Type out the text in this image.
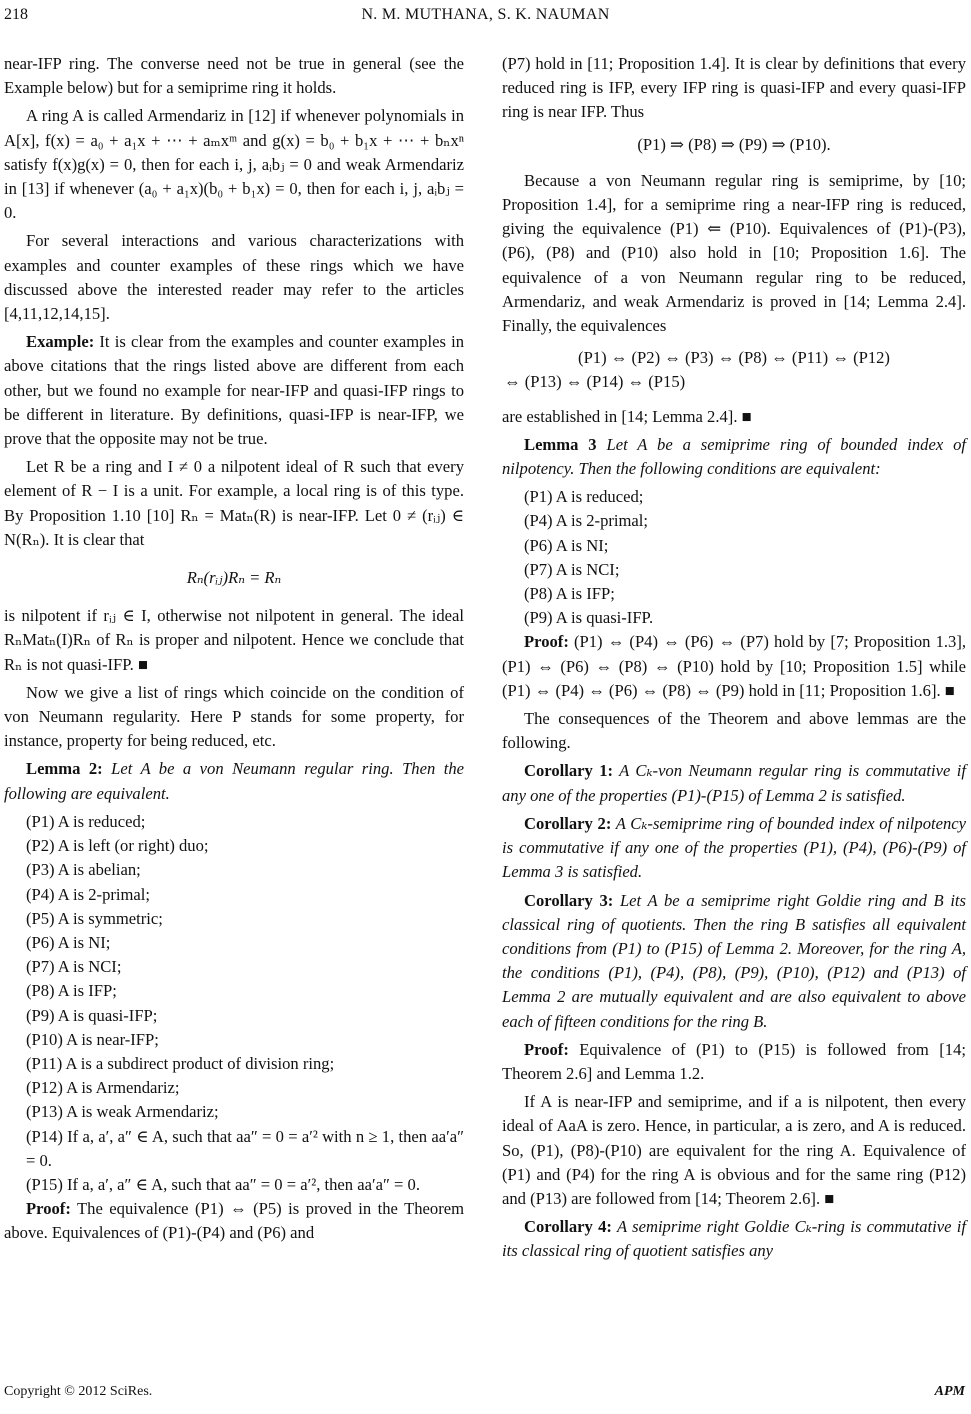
218	N. M. MUTHANA, S. K. NAUMAN

near-IFP ring. The converse need not be true in general (see the Example below) but for a semiprime ring it holds.

A ring A is called Armendariz in [12] if whenever polynomials in A[x], f(x) = a₀ + a₁x + ⋯ + aₘxᵐ and g(x) = b₀ + b₁x + ⋯ + bₙxⁿ satisfy f(x)g(x) = 0, then for each i, j, aᵢbⱼ = 0 and weak Armendariz in [13] if whenever (a₀ + a₁x)(b₀ + b₁x) = 0, then for each i, j, aᵢbⱼ = 0.

For several interactions and various characterizations with examples and counter examples of these rings which we have discussed above the interested reader may refer to the articles [4,11,12,14,15].

Example: It is clear from the examples and counter examples in above citations that the rings listed above are different from each other, but we found no example for near-IFP and quasi-IFP rings to be different in literature. By definitions, quasi-IFP is near-IFP, we prove that the opposite may not be true.

Let R be a ring and I ≠ 0 a nilpotent ideal of R such that every element of R − I is a unit. For example, a local ring is of this type. By Proposition 1.10 [10] Rₙ = Matₙ(R) is near-IFP. Let 0 ≠ (rᵢⱼ) ∈ N(Rₙ). It is clear that

Rₙ(rᵢⱼ)Rₙ = Rₙ

is nilpotent if rᵢⱼ ∈ I, otherwise not nilpotent in general. The ideal RₙMatₙ(I)Rₙ of Rₙ is proper and nilpotent. Hence we conclude that Rₙ is not quasi-IFP. ■

Now we give a list of rings which coincide on the condition of von Neumann regularity. Here P stands for some property, for instance, property for being reduced, etc.

Lemma 2: Let A be a von Neumann regular ring. Then the following are equivalent.

(P1) A is reduced;

(P2) A is left (or right) duo;

(P3) A is abelian;

(P4) A is 2-primal;

(P5) A is symmetric;

(P6) A is NI;

(P7) A is NCI;

(P8) A is IFP;

(P9) A is quasi-IFP;

(P10) A is near-IFP;

(P11) A is a subdirect product of division ring;

(P12) A is Armendariz;

(P13) A is weak Armendariz;

(P14) If a, a′, a″ ∈ A, such that aa″ = 0 = a′² with n ≥ 1, then aa′a″ = 0.

(P15) If a, a′, a″ ∈ A, such that aa″ = 0 = a′², then aa′a″ = 0.

Proof: The equivalence (P1) ⇔ (P5) is proved in the Theorem above. Equivalences of (P1)-(P4) and (P6) and

(P7) hold in [11; Proposition 1.4]. It is clear by definitions that every reduced ring is IFP, every IFP ring is quasi-IFP and every quasi-IFP ring is near IFP. Thus

(P1) ⇒ (P8) ⇒ (P9) ⇒ (P10).

Because a von Neumann regular ring is semiprime, by [10; Proposition 1.4], for a semiprime ring a near-IFP ring is reduced, giving the equivalence (P1) ⇐ (P10). Equivalences of (P1)-(P3), (P6), (P8) and (P10) also hold in [10; Proposition 1.6]. The equivalence of a von Neumann regular ring to be reduced, Armendariz, and weak Armendariz is proved in [14; Lemma 2.4]. Finally, the equivalences

(P1) ⇔ (P2) ⇔ (P3) ⇔ (P8) ⇔ (P11) ⇔ (P12)

⇔ (P13) ⇔ (P14) ⇔ (P15)

are established in [14; Lemma 2.4]. ■

Lemma 3 Let A be a semiprime ring of bounded index of nilpotency. Then the following conditions are equivalent:

(P1) A is reduced;

(P4) A is 2-primal;

(P6) A is NI;

(P7) A is NCI;

(P8) A is IFP;

(P9) A is quasi-IFP.

Proof: (P1) ⇔ (P4) ⇔ (P6) ⇔ (P7) hold by [7; Proposition 1.3], (P1) ⇔ (P6) ⇔ (P8) ⇔ (P10) hold by [10; Proposition 1.5] while (P1) ⇔ (P4) ⇔ (P6) ⇔ (P8) ⇔ (P9) hold in [11; Proposition 1.6]. ■

The consequences of the Theorem and above lemmas are the following.

Corollary 1: A Cₖ-von Neumann regular ring is commutative if any one of the properties (P1)-(P15) of Lemma 2 is satisfied.

Corollary 2: A Cₖ-semiprime ring of bounded index of nilpotency is commutative if any one of the properties (P1), (P4), (P6)-(P9) of Lemma 3 is satisfied.

Corollary 3: Let A be a semiprime right Goldie ring and B its classical ring of quotients. Then the ring B satisfies all equivalent conditions from (P1) to (P15) of Lemma 2. Moreover, for the ring A, the conditions (P1), (P4), (P8), (P9), (P10), (P12) and (P13) of Lemma 2 are mutually equivalent and are also equivalent to above each of fifteen conditions for the ring B.

Proof: Equivalence of (P1) to (P15) is followed from [14; Theorem 2.6] and Lemma 1.2.

If A is near-IFP and semiprime, and if a is nilpotent, then every ideal of AaA is zero. Hence, in particular, a is zero, and A is reduced. So, (P1), (P8)-(P10) are equivalent for the ring A. Equivalence of (P1) and (P4) for the ring A is obvious and for the same ring (P12) and (P13) are followed from [14; Theorem 2.6]. ■

Corollary 4: A semiprime right Goldie Cₖ-ring is commutative if its classical ring of quotient satisfies any

Copyright © 2012 SciRes.	APM
